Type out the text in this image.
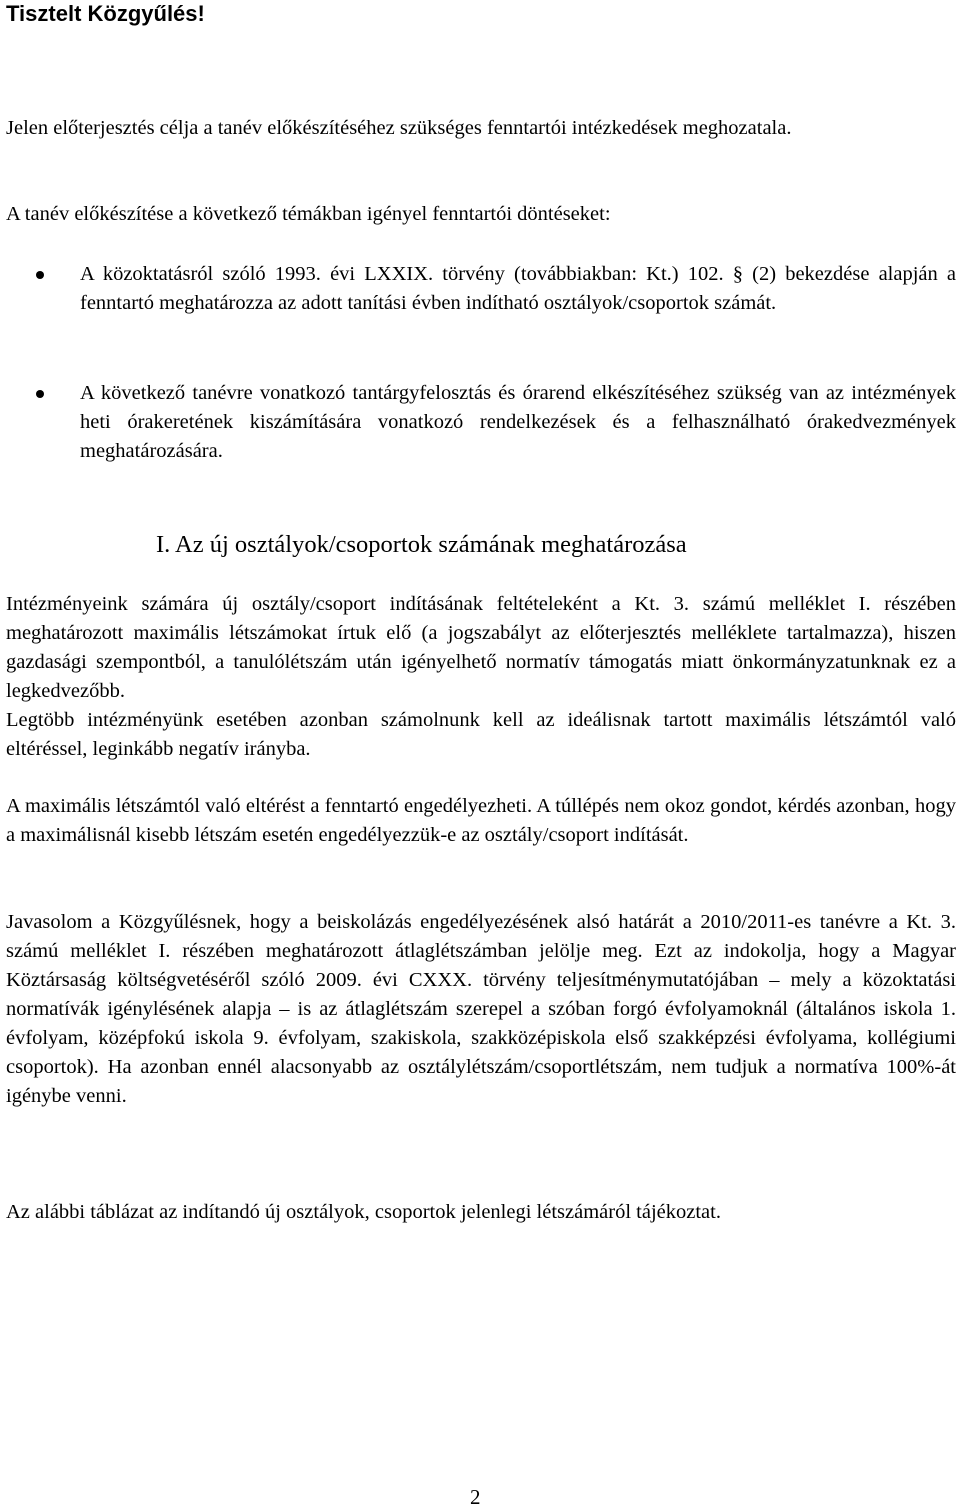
Tisztelt Közgyűlés!

Jelen előterjesztés célja a tanév előkészítéséhez szükséges fenntartói intézkedések meghozatala.

A tanév előkészítése a következő témákban igényel fenntartói döntéseket:

A közoktatásról szóló 1993. évi LXXIX. törvény (továbbiakban: Kt.) 102. § (2) bekezdése alapján a fenntartó meghatározza az adott tanítási évben indítható osztályok/csoportok számát.

A következő tanévre vonatkozó tantárgyfelosztás és órarend elkészítéséhez szükség van az intézmények heti órakeretének kiszámítására vonatkozó rendelkezések és a felhasználható órakedvezmények meghatározására.

I. Az új osztályok/csoportok számának meghatározása

Intézményeink számára új osztály/csoport indításának feltételeként a Kt. 3. számú melléklet I. részében meghatározott maximális létszámokat írtuk elő (a jogszabályt az előterjesztés melléklete tartalmazza), hiszen gazdasági szempontból, a tanulólétszám után igényelhető normatív támogatás miatt önkormányzatunknak ez a legkedvezőbb.

Legtöbb intézményünk esetében azonban számolnunk kell az ideálisnak tartott maximális létszámtól való eltéréssel, leginkább negatív irányba.

A maximális létszámtól való eltérést a fenntartó engedélyezheti. A túllépés nem okoz gondot, kérdés azonban, hogy a maximálisnál kisebb létszám esetén engedélyezzük-e az osztály/csoport indítását.

Javasolom a Közgyűlésnek, hogy a beiskolázás engedélyezésének alsó határát a 2010/2011-es tanévre a Kt. 3. számú melléklet I. részében meghatározott átlaglétszámban jelölje meg. Ezt az indokolja, hogy a Magyar Köztársaság költségvetéséről szóló 2009. évi CXXX. törvény teljesítménymutatójában – mely a közoktatási normatívák igénylésének alapja – is az átlaglétszám szerepel a szóban forgó évfolyamoknál (általános iskola 1. évfolyam, középfokú iskola 9. évfolyam, szakiskola, szakközépiskola első szakképzési évfolyama, kollégiumi csoportok). Ha azonban ennél alacsonyabb az osztálylétszám/csoportlétszám, nem tudjuk a normatíva 100%-át igénybe venni.

Az alábbi táblázat az indítandó új osztályok, csoportok jelenlegi létszámáról tájékoztat.

2
